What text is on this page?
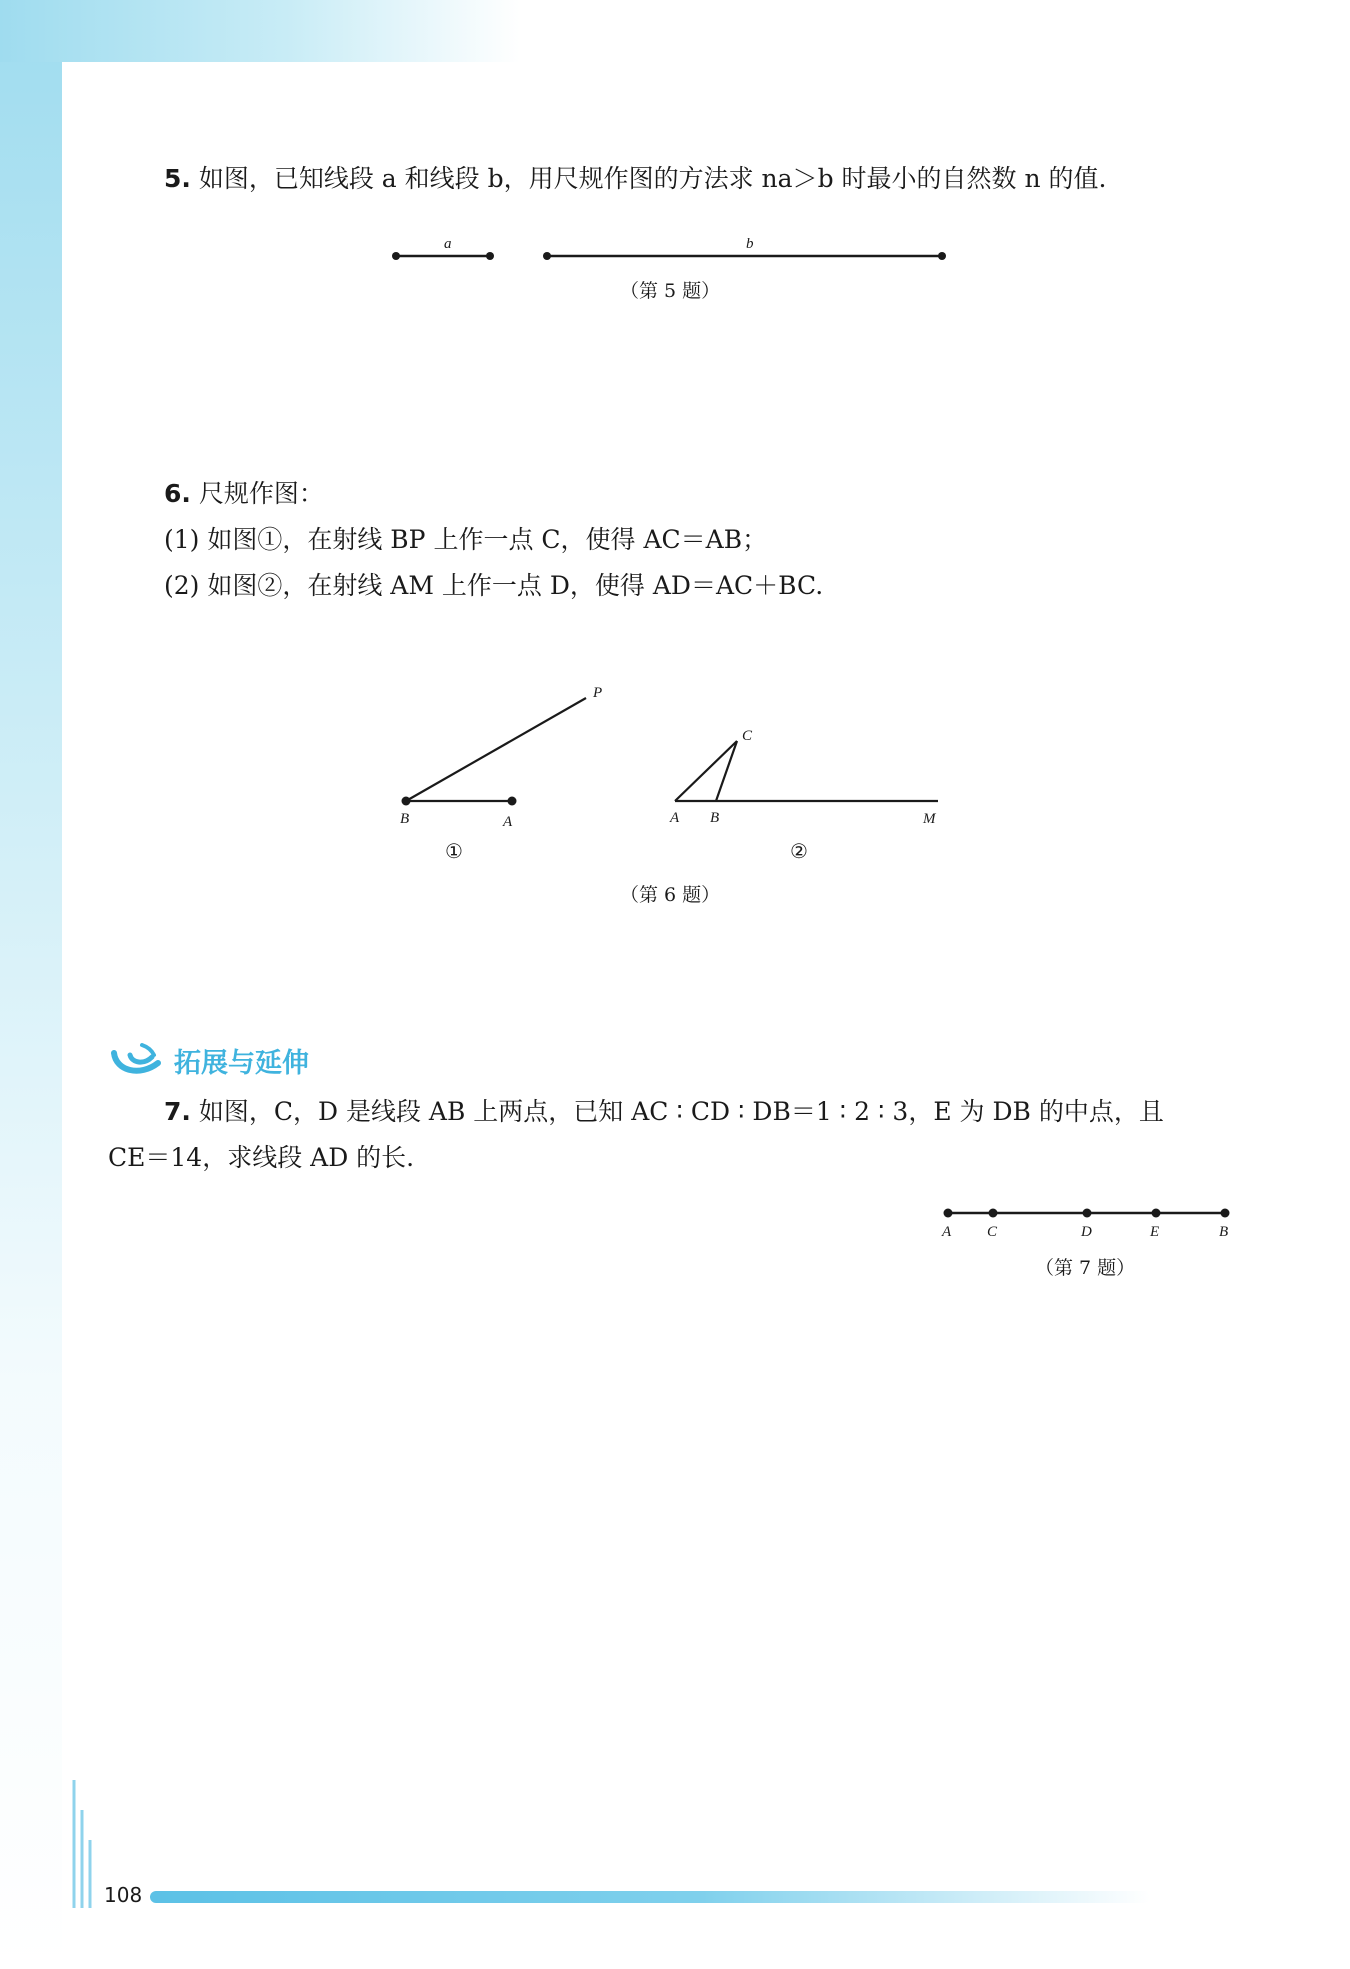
5. 如图，已知线段 a 和线段 b，用尺规作图的方法求 na＞b 时最小的自然数 n 的值.
a	b
（第 5 题）
6. 尺规作图：
(1) 如图①，在射线 BP 上作一点 C，使得 AC＝AB；
(2) 如图②，在射线 AM 上作一点 D，使得 AD＝AC＋BC.
P
B	A
①
C
A B	M
②
（第 6 题）
拓展与延伸
7. 如图，C，D 是线段 AB 上两点，已知 AC ∶ CD ∶ DB＝1 ∶ 2 ∶ 3，E 为 DB 的中点，且
CE＝14，求线段 AD 的长.
A C	D	E	B
（第 7 题）
108
